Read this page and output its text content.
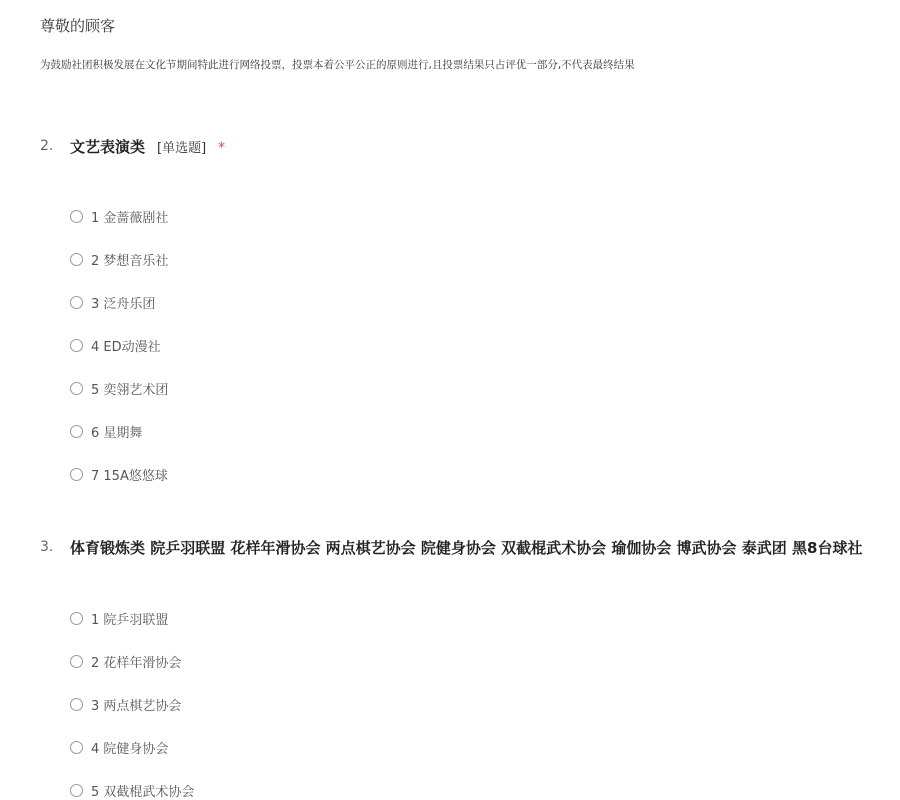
尊敬的顾客
为鼓励社团积极发展在文化节期间特此进行网络投票，投票本着公平公正的原则进行,且投票结果只占评优一部分,不代表最终结果
2. 文艺表演类 [单选题] *
1 金蔷薇剧社
2 梦想音乐社
3 泛舟乐团
4 ED动漫社
5 奕翎艺术团
6 星期舞
7 15A悠悠球
3. 体育锻炼类 院乒羽联盟 花样年滑协会 两点棋艺协会 院健身协会 双截棍武术协会 瑜伽协会 博武协会 泰武团 黑8台球社
1 院乒羽联盟
2 花样年滑协会
3 两点棋艺协会
4 院健身协会
5 双截棍武术协会
